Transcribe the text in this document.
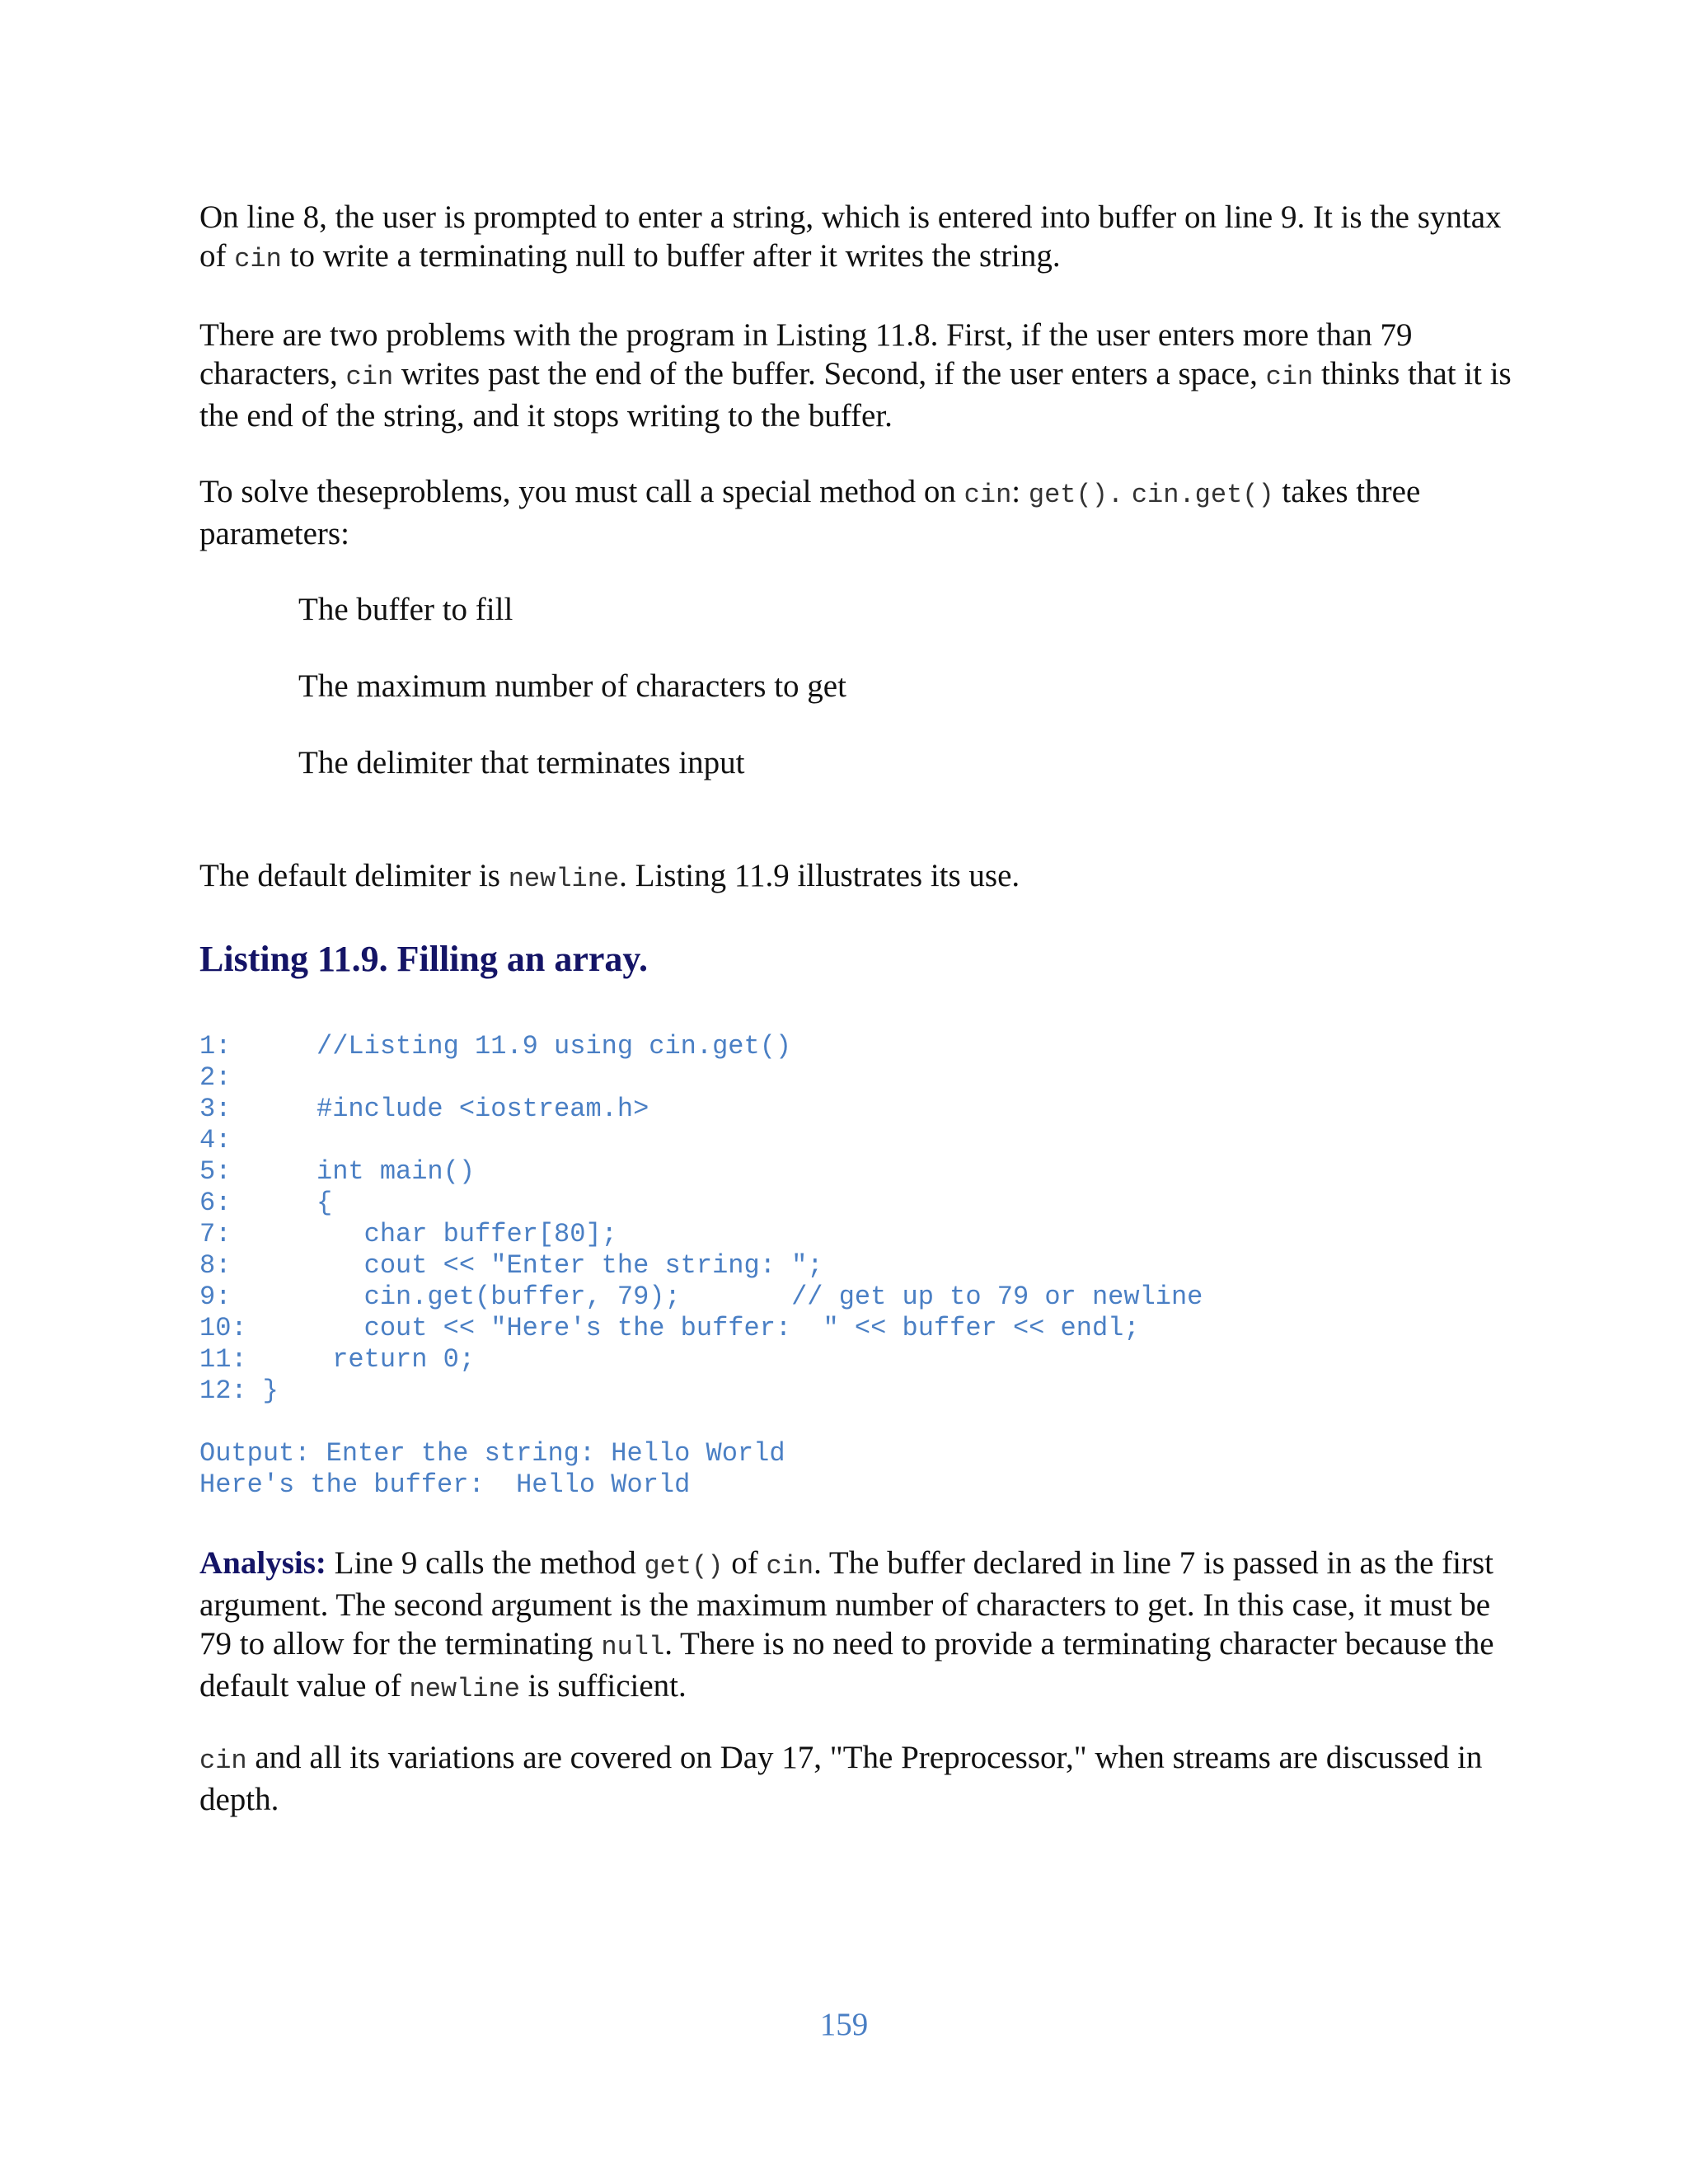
On line 8, the user is prompted to enter a string, which is entered into buffer on line 9. It is the syntax of cin to write a terminating null to buffer after it writes the string.

There are two problems with the program in Listing 11.8. First, if the user enters more than 79 characters, cin writes past the end of the buffer. Second, if the user enters a space, cin thinks that it is the end of the string, and it stops writing to the buffer.

To solve theseproblems, you must call a special method on cin: get(). cin.get() takes three parameters:

The buffer to fill

The maximum number of characters to get

The delimiter that terminates input

The default delimiter is newline. Listing 11.9 illustrates its use.

Listing 11.9. Filling an array.
1:	//Listing 11.9 using cin.get()
2:
3:	#include <iostream.h>
4:
5:	int main()
6:	{
7:	char buffer[80];
8:	cout << "Enter the string: ";
9:	cin.get(buffer, 79);       // get up to 79 or newline
10:	cout << "Here's the buffer:  " << buffer << endl;
11:	return 0;
12: }
Output: Enter the string: Hello World
Here's the buffer:  Hello World

Analysis: Line 9 calls the method get() of cin. The buffer declared in line 7 is passed in as the first argument. The second argument is the maximum number of characters to get. In this case, it must be 79 to allow for the terminating null. There is no need to provide a terminating character because the default value of newline is sufficient.

cin and all its variations are covered on Day 17, "The Preprocessor," when streams are discussed in depth.

159
